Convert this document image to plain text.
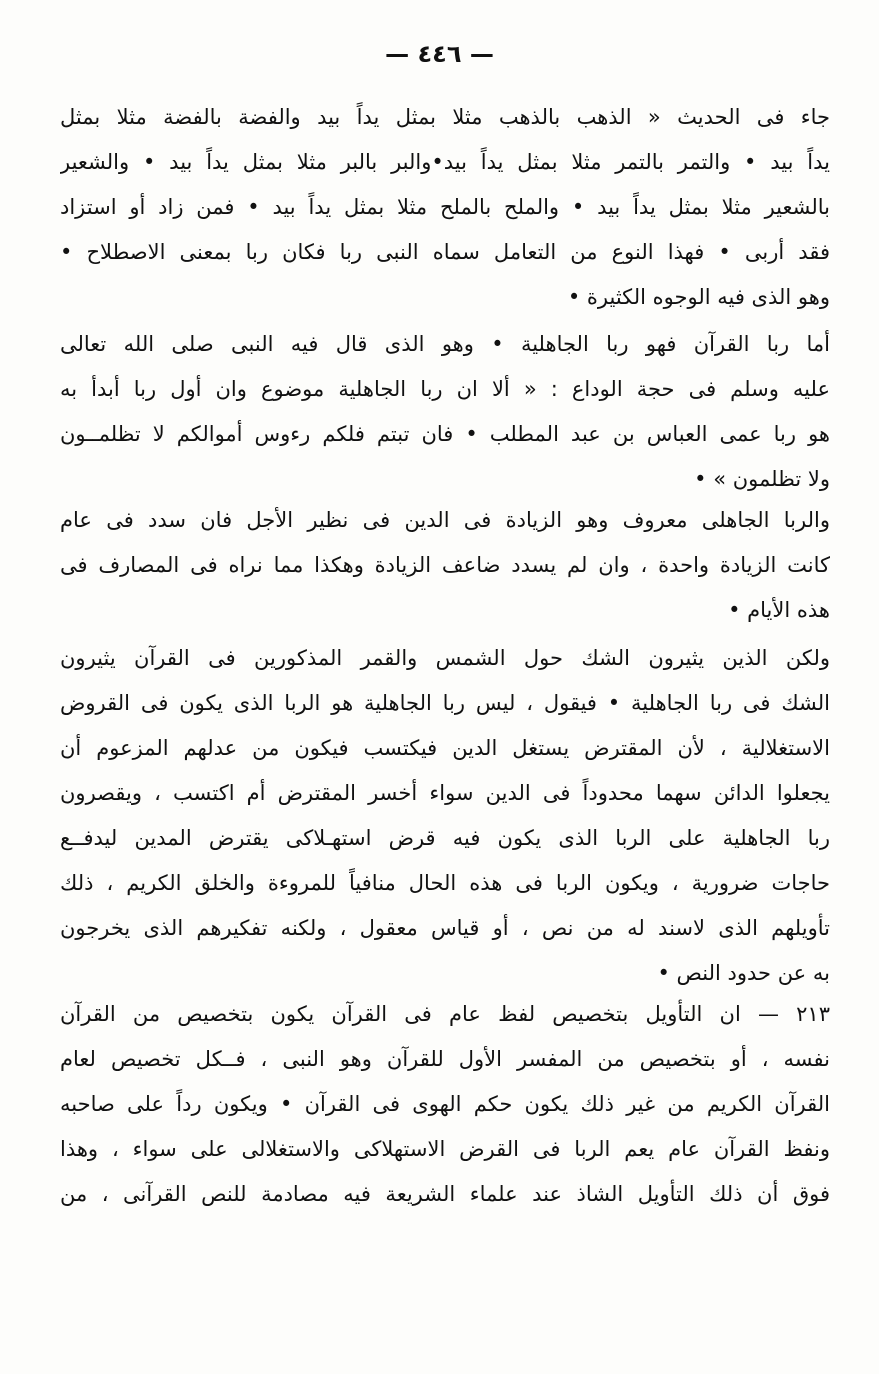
— ٤٤٦ —
جاء فى الحديث « الذهب بالذهب مثلا بمثل يداً بيد والفضة بالفضة مثلا بمثل
يداً بيد • والتمر بالتمر مثلا بمثل يداً بيد•والبر بالبر مثلا بمثل يداً بيد • والشعير
بالشعير مثلا بمثل يداً بيد • والملح بالملح مثلا بمثل يداً بيد • فمن زاد أو استزاد
فقد أربى • فهذا النوع من التعامل سماه النبى ربا فكان ربا بمعنى الاصطلاح •
وهو الذى فيه الوجوه الكثيرة •
أما ربا القرآن فهو ربا الجاهلية • وهو الذى قال فيه النبى صلى الله تعالى
عليه وسلم فى حجة الوداع : « ألا ان ربا الجاهلية موضوع وان أول ربا أبدأ به
هو ربا عمى العباس بن عبد المطلب • فان تبتم فلكم رءوس أموالكم لا تظلمــون
ولا تظلمون » •
والربا الجاهلى معروف وهو الزيادة فى الدين فى نظير الأجل فان سدد فى عام
كانت الزيادة واحدة ، وان لم يسدد ضاعف الزيادة وهكذا مما نراه فى المصارف فى
هذه الأيام •
ولكن الذين يثيرون الشك حول الشمس والقمر المذكورين فى القرآن يثيرون
الشك فى ربا الجاهلية • فيقول ، ليس ربا الجاهلية هو الربا الذى يكون فى القروض
الاستغلالية ، لأن المقترض يستغل الدين فيكتسب فيكون من عدلهم المزعوم أن
يجعلوا الدائن سهما محدوداً فى الدين سواء أخسر المقترض أم اكتسب ، ويقصرون
ربا الجاهلية على الربا الذى يكون فيه قرض استهـلاكى يقترض المدين ليدفــع
حاجات ضرورية ، ويكون الربا فى هذه الحال منافياً للمروءة والخلق الكريم ، ذلك
تأويلهم الذى لاسند له من نص ، أو قياس معقول ، ولكنه تفكيرهم الذى يخرجون
به عن حدود النص •
٢١٣ — ان التأويل بتخصيص لفظ عام فى القرآن يكون بتخصيص من القرآن
نفسه ، أو بتخصيص من المفسر الأول للقرآن وهو النبى ، فــكل تخصيص لعام
القرآن الكريم من غير ذلك يكون حكم الهوى فى القرآن • ويكون رداً على صاحبه
ونفظ القرآن عام يعم الربا فى القرض الاستهلاكى والاستغلالى على سواء ، وهذا
فوق أن ذلك التأويل الشاذ عند علماء الشريعة فيه مصادمة للنص القرآنى ، من
